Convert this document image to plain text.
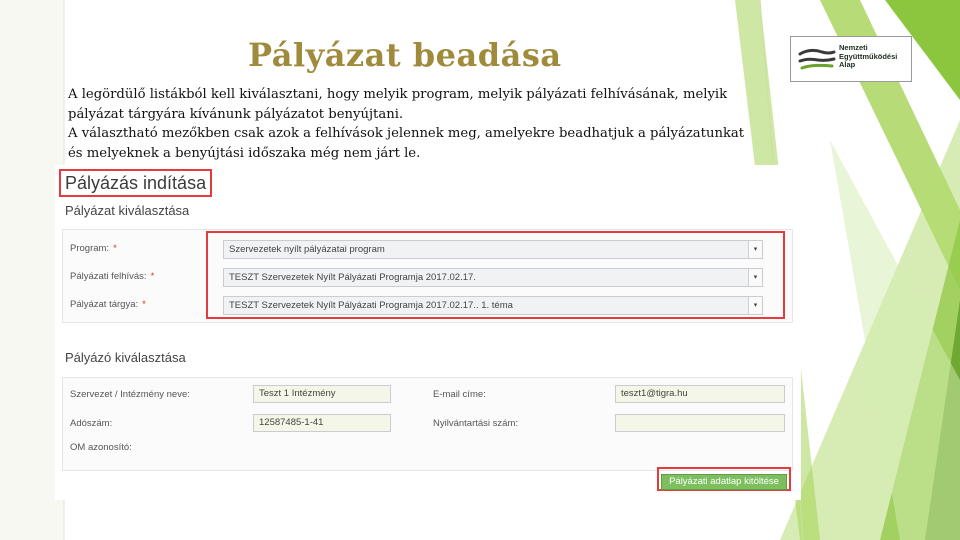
Pályázat beadása

A legördülő listákból kell kiválasztani, hogy melyik program, melyik pályázati felhívásának, melyik

pályázat tárgyára kívánunk pályázatot benyújtani.

A választható mezőkben csak azok a felhívások jelennek meg, amelyekre beadhatjuk a pályázatunkat

és melyeknek a benyújtási időszaka még nem járt le.

Nemzeti
Együttműködési
Alap
Pályázás indítása
Pályázat kiválasztása
Program: *	Szervezetek nyílt pályázatai program	▾
Pályázati felhívás: *	TESZT Szervezetek Nyílt Pályázati Programja 2017.02.17.	▾
Pályázat tárgya: *	TESZT Szervezetek Nyílt Pályázati Programja 2017.02.17.. 1. téma	▾
Pályázó kiválasztása
Szervezet / Intézmény neve:	Teszt 1 Intézmény	E-mail címe:	teszt1@tigra.hu
Adószám:	12587485-1-41	Nyilvántartási szám:
OM azonosító:
Pályázati adatlap kitöltése
